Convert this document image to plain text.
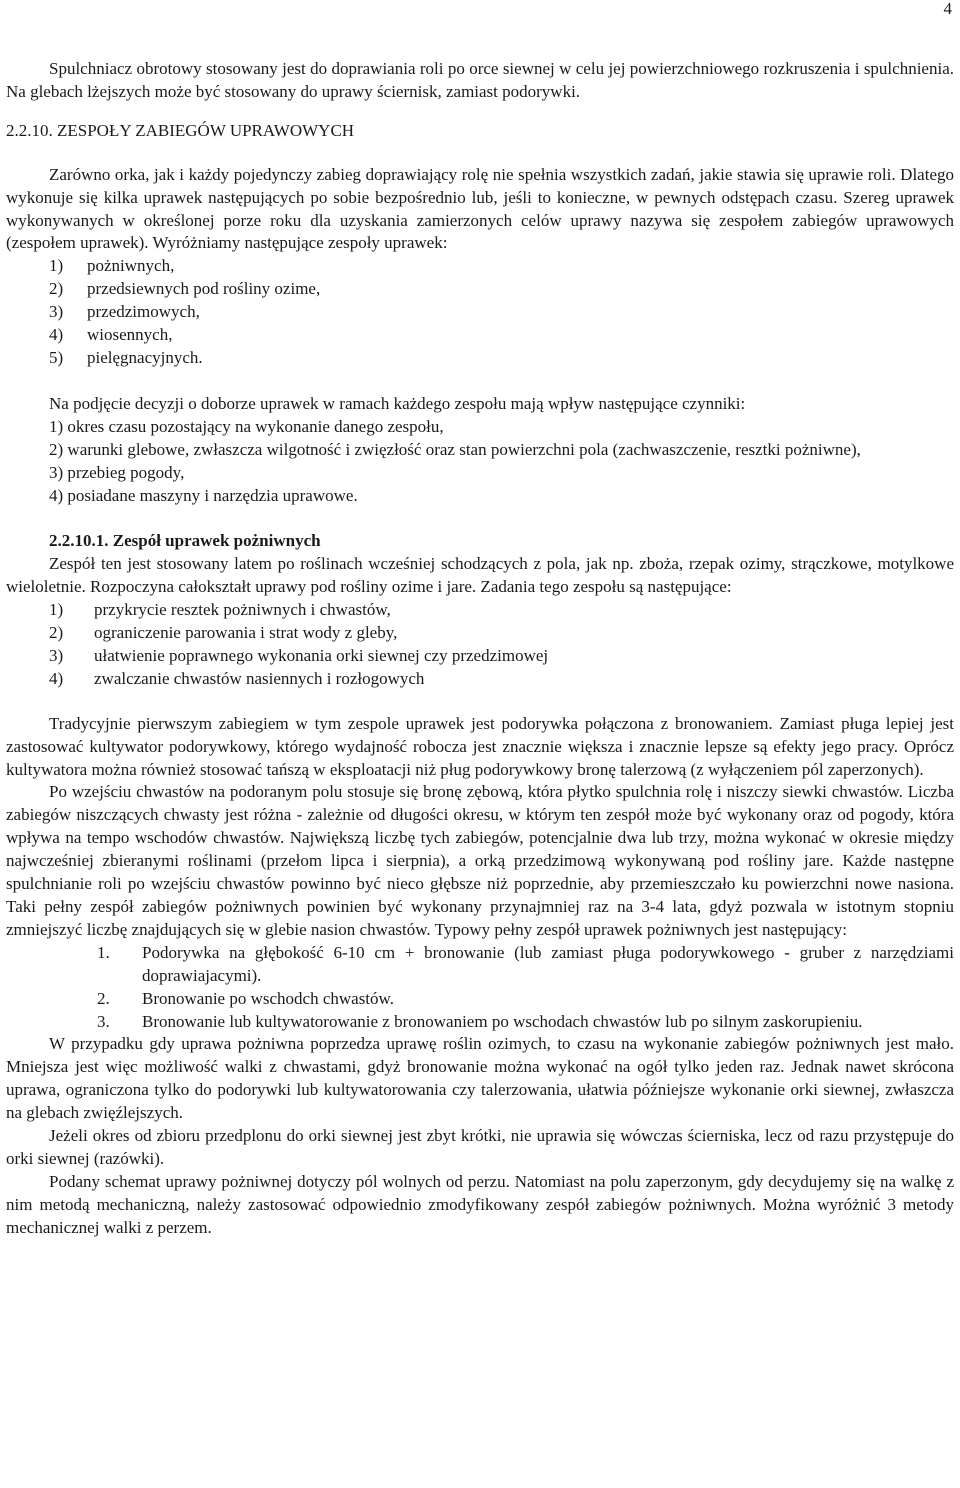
4

Spulchniacz obrotowy stosowany jest do doprawiania roli po orce siewnej w celu jej powierzchniowego rozkruszenia i spulchnienia. Na glebach lżejszych może być stosowany do uprawy ściernisk, zamiast podorywki.

2.2.10. ZESPOŁY ZABIEGÓW UPRAWOWYCH

Zarówno orka, jak i każdy pojedynczy zabieg doprawiający rolę nie spełnia wszystkich zadań, jakie stawia się uprawie roli. Dlatego wykonuje się kilka uprawek następujących po sobie bezpośrednio lub, jeśli to konieczne, w pewnych odstępach czasu. Szereg uprawek wykonywanych w określonej porze roku dla uzyskania zamierzonych celów uprawy nazywa się zespołem zabiegów uprawowych (zespołem uprawek). Wyróżniamy następujące zespoły uprawek:

1)	pożniwnych,
2)	przedsiewnych pod rośliny ozime,
3)	przedzimowych,
4)	wiosennych,
5)	pielęgnacyjnych.

Na podjęcie decyzji o doborze uprawek w ramach każdego zespołu mają wpływ następujące czynniki:

1) okres czasu pozostający na wykonanie danego zespołu,

2) warunki glebowe, zwłaszcza wilgotność i zwięzłość oraz stan powierzchni pola (zachwaszczenie, resztki pożniwne),

3) przebieg pogody,

4) posiadane maszyny i narzędzia uprawowe.

2.2.10.1. Zespół uprawek pożniwnych

Zespół ten jest stosowany latem po roślinach wcześniej schodzących z pola, jak np. zboża, rzepak ozimy, strączkowe, motylkowe wieloletnie. Rozpoczyna całokształt uprawy pod rośliny ozime i jare. Zadania tego zespołu są następujące:

1)	przykrycie resztek pożniwnych i chwastów,
2)	ograniczenie parowania i strat wody z gleby,
3)	ułatwienie poprawnego wykonania orki siewnej czy przedzimowej
4)	zwalczanie chwastów nasiennych i rozłogowych

Tradycyjnie pierwszym zabiegiem w tym zespole uprawek jest podorywka połączona z bronowaniem. Zamiast pługa lepiej jest zastosować kultywator podorywkowy, którego wydajność robocza jest znacznie większa i znacznie lepsze są efekty jego pracy. Oprócz kultywatora można również stosować tańszą w eksploatacji niż pług podorywkowy bronę talerzową (z wyłączeniem pól zaperzonych).

Po wzejściu chwastów na podoranym polu stosuje się bronę zębową, która płytko spulchnia rolę i niszczy siewki chwastów. Liczba zabiegów niszczących chwasty jest różna - zależnie od długości okresu, w którym ten zespół może być wykonany oraz od pogody, która wpływa na tempo wschodów chwastów. Największą liczbę tych zabiegów, potencjalnie dwa lub trzy, można wykonać w okresie między najwcześniej zbieranymi roślinami (przełom lipca i sierpnia), a orką przedzimową wykonywaną pod rośliny jare. Każde następne spulchnianie roli po wzejściu chwastów powinno być nieco głębsze niż poprzednie, aby przemieszczało ku powierzchni nowe nasiona. Taki pełny zespół zabiegów pożniwnych powinien być wykonany przynajmniej raz na 3-4 lata, gdyż pozwala w istotnym stopniu zmniejszyć liczbę znajdujących się w glebie nasion chwastów. Typowy pełny zespół uprawek pożniwnych jest następujący:

1.	Podorywka na głębokość 6-10 cm + bronowanie (lub zamiast pługa podorywkowego - gruber z narzędziami doprawiajacymi).
2.	Bronowanie po wschodch chwastów.
3.	Bronowanie lub kultywatorowanie z bronowaniem po wschodach chwastów lub po silnym zaskorupieniu.

W przypadku gdy uprawa pożniwna poprzedza uprawę roślin ozimych, to czasu na wykonanie zabiegów pożniwnych jest mało. Mniejsza jest więc możliwość walki z chwastami, gdyż bronowanie można wykonać na ogół tylko jeden raz. Jednak nawet skrócona uprawa, ograniczona tylko do podorywki lub kultywatorowania czy talerzowania, ułatwia późniejsze wykonanie orki siewnej, zwłaszcza na glebach zwięźlejszych.

Jeżeli okres od zbioru przedplonu do orki siewnej jest zbyt krótki, nie uprawia się wówczas ścierniska, lecz od razu przystępuje do orki siewnej (razówki).

Podany schemat uprawy pożniwnej dotyczy pól wolnych od perzu. Natomiast na polu zaperzonym, gdy decydujemy się na walkę z nim metodą mechaniczną, należy zastosować odpowiednio zmodyfikowany zespół zabiegów pożniwnych. Można wyróżnić 3 metody mechanicznej walki z perzem.
